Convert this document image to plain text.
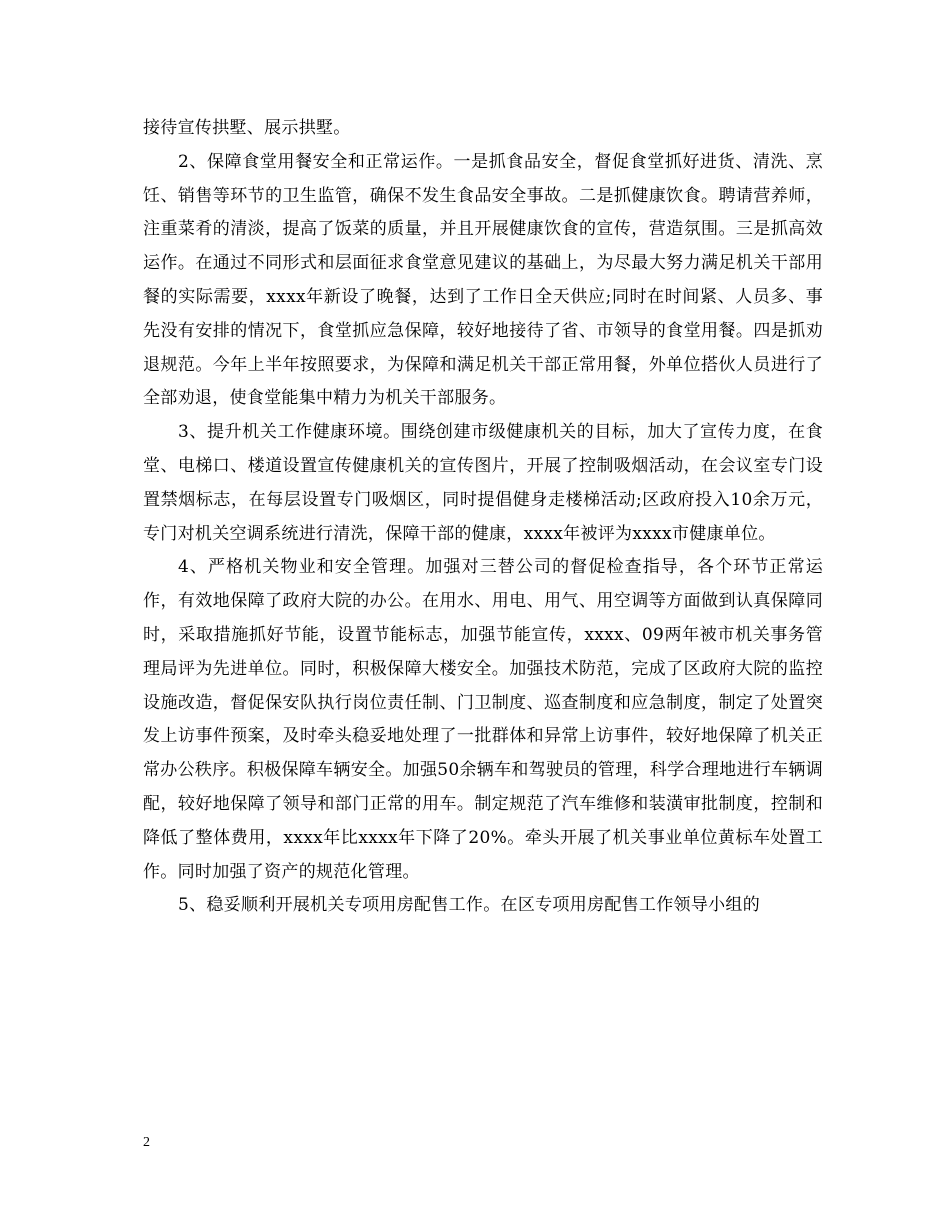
接待宣传拱墅、展示拱墅。

2、保障食堂用餐安全和正常运作。一是抓食品安全，督促食堂抓好进货、清洗、烹饪、销售等环节的卫生监管，确保不发生食品安全事故。二是抓健康饮食。聘请营养师，注重菜肴的清淡，提高了饭菜的质量，并且开展健康饮食的宣传，营造氛围。三是抓高效运作。在通过不同形式和层面征求食堂意见建议的基础上，为尽最大努力满足机关干部用餐的实际需要，xxxx年新设了晚餐，达到了工作日全天供应;同时在时间紧、人员多、事先没有安排的情况下，食堂抓应急保障，较好地接待了省、市领导的食堂用餐。四是抓劝退规范。今年上半年按照要求，为保障和满足机关干部正常用餐，外单位搭伙人员进行了全部劝退，使食堂能集中精力为机关干部服务。

3、提升机关工作健康环境。围绕创建市级健康机关的目标，加大了宣传力度，在食堂、电梯口、楼道设置宣传健康机关的宣传图片，开展了控制吸烟活动，在会议室专门设置禁烟标志，在每层设置专门吸烟区，同时提倡健身走楼梯活动;区政府投入10余万元，专门对机关空调系统进行清洗，保障干部的健康，xxxx年被评为xxxx市健康单位。

4、严格机关物业和安全管理。加强对三替公司的督促检查指导，各个环节正常运作，有效地保障了政府大院的办公。在用水、用电、用气、用空调等方面做到认真保障同时，采取措施抓好节能，设置节能标志，加强节能宣传，xxxx、09两年被市机关事务管理局评为先进单位。同时，积极保障大楼安全。加强技术防范，完成了区政府大院的监控设施改造，督促保安队执行岗位责任制、门卫制度、巡查制度和应急制度，制定了处置突发上访事件预案，及时牵头稳妥地处理了一批群体和异常上访事件，较好地保障了机关正常办公秩序。积极保障车辆安全。加强50余辆车和驾驶员的管理，科学合理地进行车辆调配，较好地保障了领导和部门正常的用车。制定规范了汽车维修和装潢审批制度，控制和降低了整体费用，xxxx年比xxxx年下降了20%。牵头开展了机关事业单位黄标车处置工作。同时加强了资产的规范化管理。

5、稳妥顺利开展机关专项用房配售工作。在区专项用房配售工作领导小组的

2
